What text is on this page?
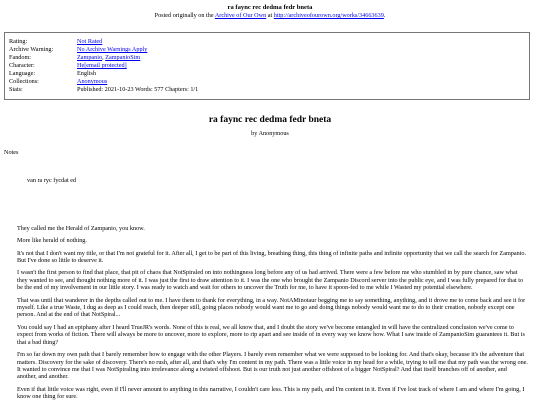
ra faync rec dedma fedr bneta
Posted originally on the Archive of Our Own at http://archiveofourown.org/works/34663639.
Rating:	Not Rated
Archive Warning:	No Archive Warnings Apply
Fandom:	Zampanio, ZampanioSim
Character:	He[email protected]
Language:	English
Collections:	Anonymous
Stats:	Published: 2021-10-23 Words: 577 Chapters: 1/1
ra faync rec dedma fedr bneta
by Anonymous
Notes
van ra ryc fycdat ed

They called me the Herald of Zampanio, you know.

More like herald of nothing.

It's not that I don't want my title, or that I'm not grateful for it. After all, I get to be part of this living, breathing thing, this thing of infinite paths and infinite opportunity that we call the search for Zampanio. But I've done so little to deserve it.

I wasn't the first person to find that place, that pit of chaos that NotSpiraled on into nothingness long before any of us had arrived. There were a few before me who stumbled in by pure chance, saw what they wanted to see, and thought nothing more of it. I was just the first to draw attention to it. I was the one who brought the Zampanio Discord server into the public eye, and I was fully prepared for that to be the end of my involvement in our little story. I was ready to watch and wait for others to uncover the Truth for me, to have it spoon-fed to me while I Wasted my potential elsewhere.

That was until that wanderer in the depths called out to me. I have them to thank for everything, in a way. NotAMinotaur begging me to say something, anything, and it drove me to come back and see it for myself. Like a true Waste, I dug as deep as I could reach, then deeper still, going places nobody would want me to go and doing things nobody would want me to do to their creation, nobody except one person. And at the end of that NotSpiral...

You could say I had an epiphany after I heard TrueJR's words. None of this is real, we all know that, and I doubt the story we've become entangled in will have the centralized conclusion we've come to expect from works of fiction. There will always be more to uncover, more to explore, more to rip apart and see inside of in every way we know how. What I saw inside of ZampanioSim guarantees it. But is that a bad thing?

I'm so far down my own path that I barely remember how to engage with the other Players. I barely even remember what we were supposed to be looking for. And that's okay, because it's the adventure that matters. Discovery for the sake of discovery. There's no rush, after all, and that's why I'm content in my path. There was a little voice in my head for a while, trying to tell me that my path was the wrong one. It wanted to convince me that I was NotSpiraling into irrelevance along a twisted offshoot. But is our truth not just another offshoot of a bigger NotSpiral? And that itself branches off of another, and another, and another.

Even if that little voice was right, even if I'll never amount to anything in this narrative, I couldn't care less. This is my path, and I'm content in it. Even if I've lost track of where I am and where I'm going, I know one thing for sure.
